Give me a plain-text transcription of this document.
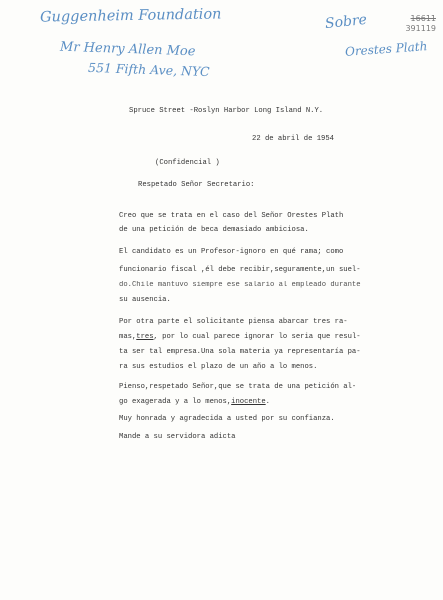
Guggenheim Foundation
Mr Henry Allen Moe
551 Fifth Ave, NYC
Sobre
Orestes Plath
16611
391119
Spruce Street -Roslyn Harbor Long Island N.Y.
22 de abril de 1954
(Confidencial )
Respetado Señor Secretario:
Creo que se trata en el caso del Señor Orestes Plath
de una petición de beca demasiado ambiciosa.
El candidato es un Profesor-ignoro en qué rama; como
funcionario fiscal ,él debe recibir,seguramente,un suel-
do.Chile mantuvo siempre ese salario al empleado durante
su ausencia.
Por otra parte el solicitante piensa abarcar tres ra-
mas,tres, por lo cual parece ignorar lo seria que resul-
ta ser tal empresa.Una sola materia ya representaría pa-
ra sus estudios el plazo de un año a lo menos.
Pienso,respetado Señor,que se trata de una petición al-
go exagerada y a lo menos,inocente.
Muy honrada y agradecida a usted por su confianza.
Mande a su servidora adicta
